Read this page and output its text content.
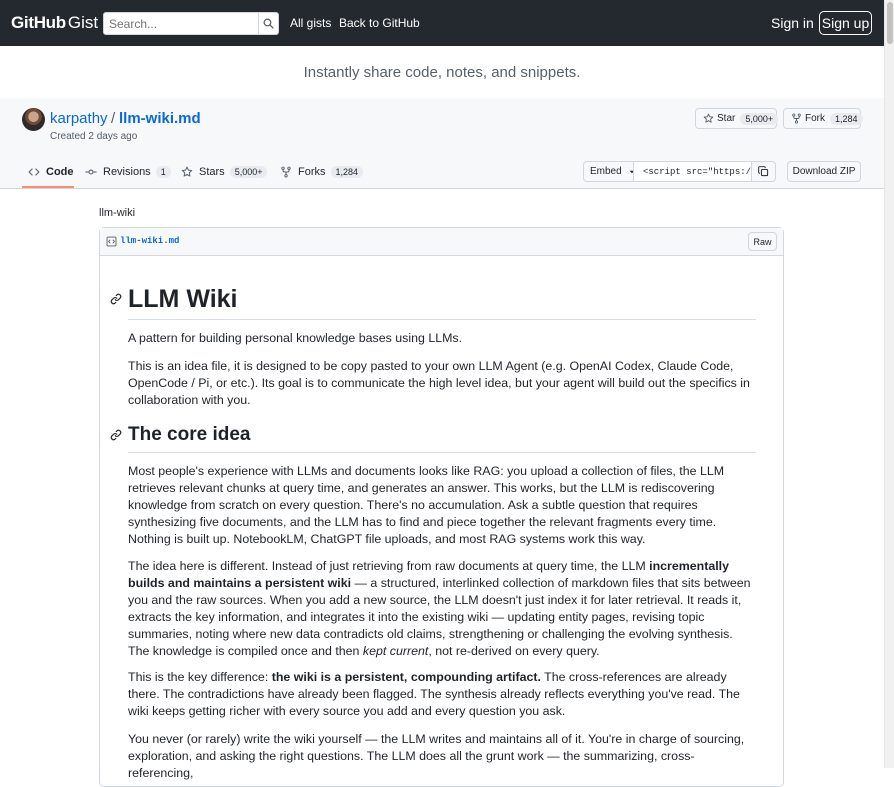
GitHub Gist
Search...	All gists Back to GitHub	Sign in Sign up
Instantly share code, notes, and snippets.
karpathy / llm-wiki.md
Created 2 days ago
Star	5,000+	Fork	1,284
Code	Revisions	1	Stars	5,000+	Forks	1,284	Embed	<script src="https:/	Download ZIP
llm-wiki
llm-wiki.md	Raw
LLM Wiki

A pattern for building personal knowledge bases using LLMs.

This is an idea file, it is designed to be copy pasted to your own LLM Agent (e.g. OpenAI Codex, Claude Code, OpenCode / Pi, or etc.). Its goal is to communicate the high level idea, but your agent will build out the specifics in collaboration with you.

The core idea

Most people's experience with LLMs and documents looks like RAG: you upload a collection of files, the LLM retrieves relevant chunks at query time, and generates an answer. This works, but the LLM is rediscovering knowledge from scratch on every question. There's no accumulation. Ask a subtle question that requires synthesizing five documents, and the LLM has to find and piece together the relevant fragments every time. Nothing is built up. NotebookLM, ChatGPT file uploads, and most RAG systems work this way.

The idea here is different. Instead of just retrieving from raw documents at query time, the LLM incrementally builds and maintains a persistent wiki — a structured, interlinked collection of markdown files that sits between you and the raw sources. When you add a new source, the LLM doesn't just index it for later retrieval. It reads it, extracts the key information, and integrates it into the existing wiki — updating entity pages, revising topic summaries, noting where new data contradicts old claims, strengthening or challenging the evolving synthesis. The knowledge is compiled once and then kept current, not re-derived on every query.

This is the key difference: the wiki is a persistent, compounding artifact. The cross-references are already there. The contradictions have already been flagged. The synthesis already reflects everything you've read. The wiki keeps getting richer with every source you add and every question you ask.

You never (or rarely) write the wiki yourself — the LLM writes and maintains all of it. You're in charge of sourcing, exploration, and asking the right questions. The LLM does all the grunt work — the summarizing, cross-referencing,
